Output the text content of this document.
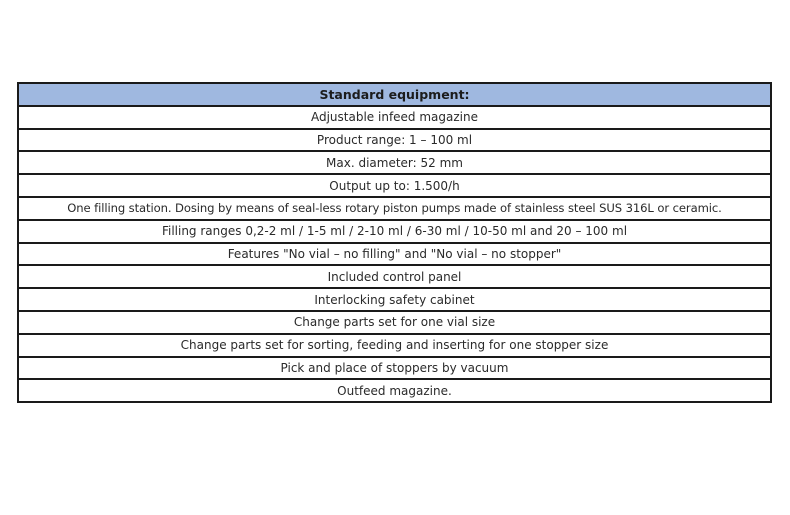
Standard equipment:
Adjustable infeed magazine
Product range: 1 – 100 ml
Max. diameter: 52 mm
Output up to: 1.500/h
One filling station. Dosing by means of seal-less rotary piston pumps made of stainless steel SUS 316L or ceramic.
Filling ranges 0,2-2 ml / 1-5 ml / 2-10 ml / 6-30 ml / 10-50 ml and 20 – 100 ml
Features "No vial – no filling" and "No vial – no stopper"
Included control panel
Interlocking safety cabinet
Change parts set for one vial size
Change parts set for sorting, feeding and inserting for one stopper size
Pick and place of stoppers by vacuum
Outfeed magazine.
